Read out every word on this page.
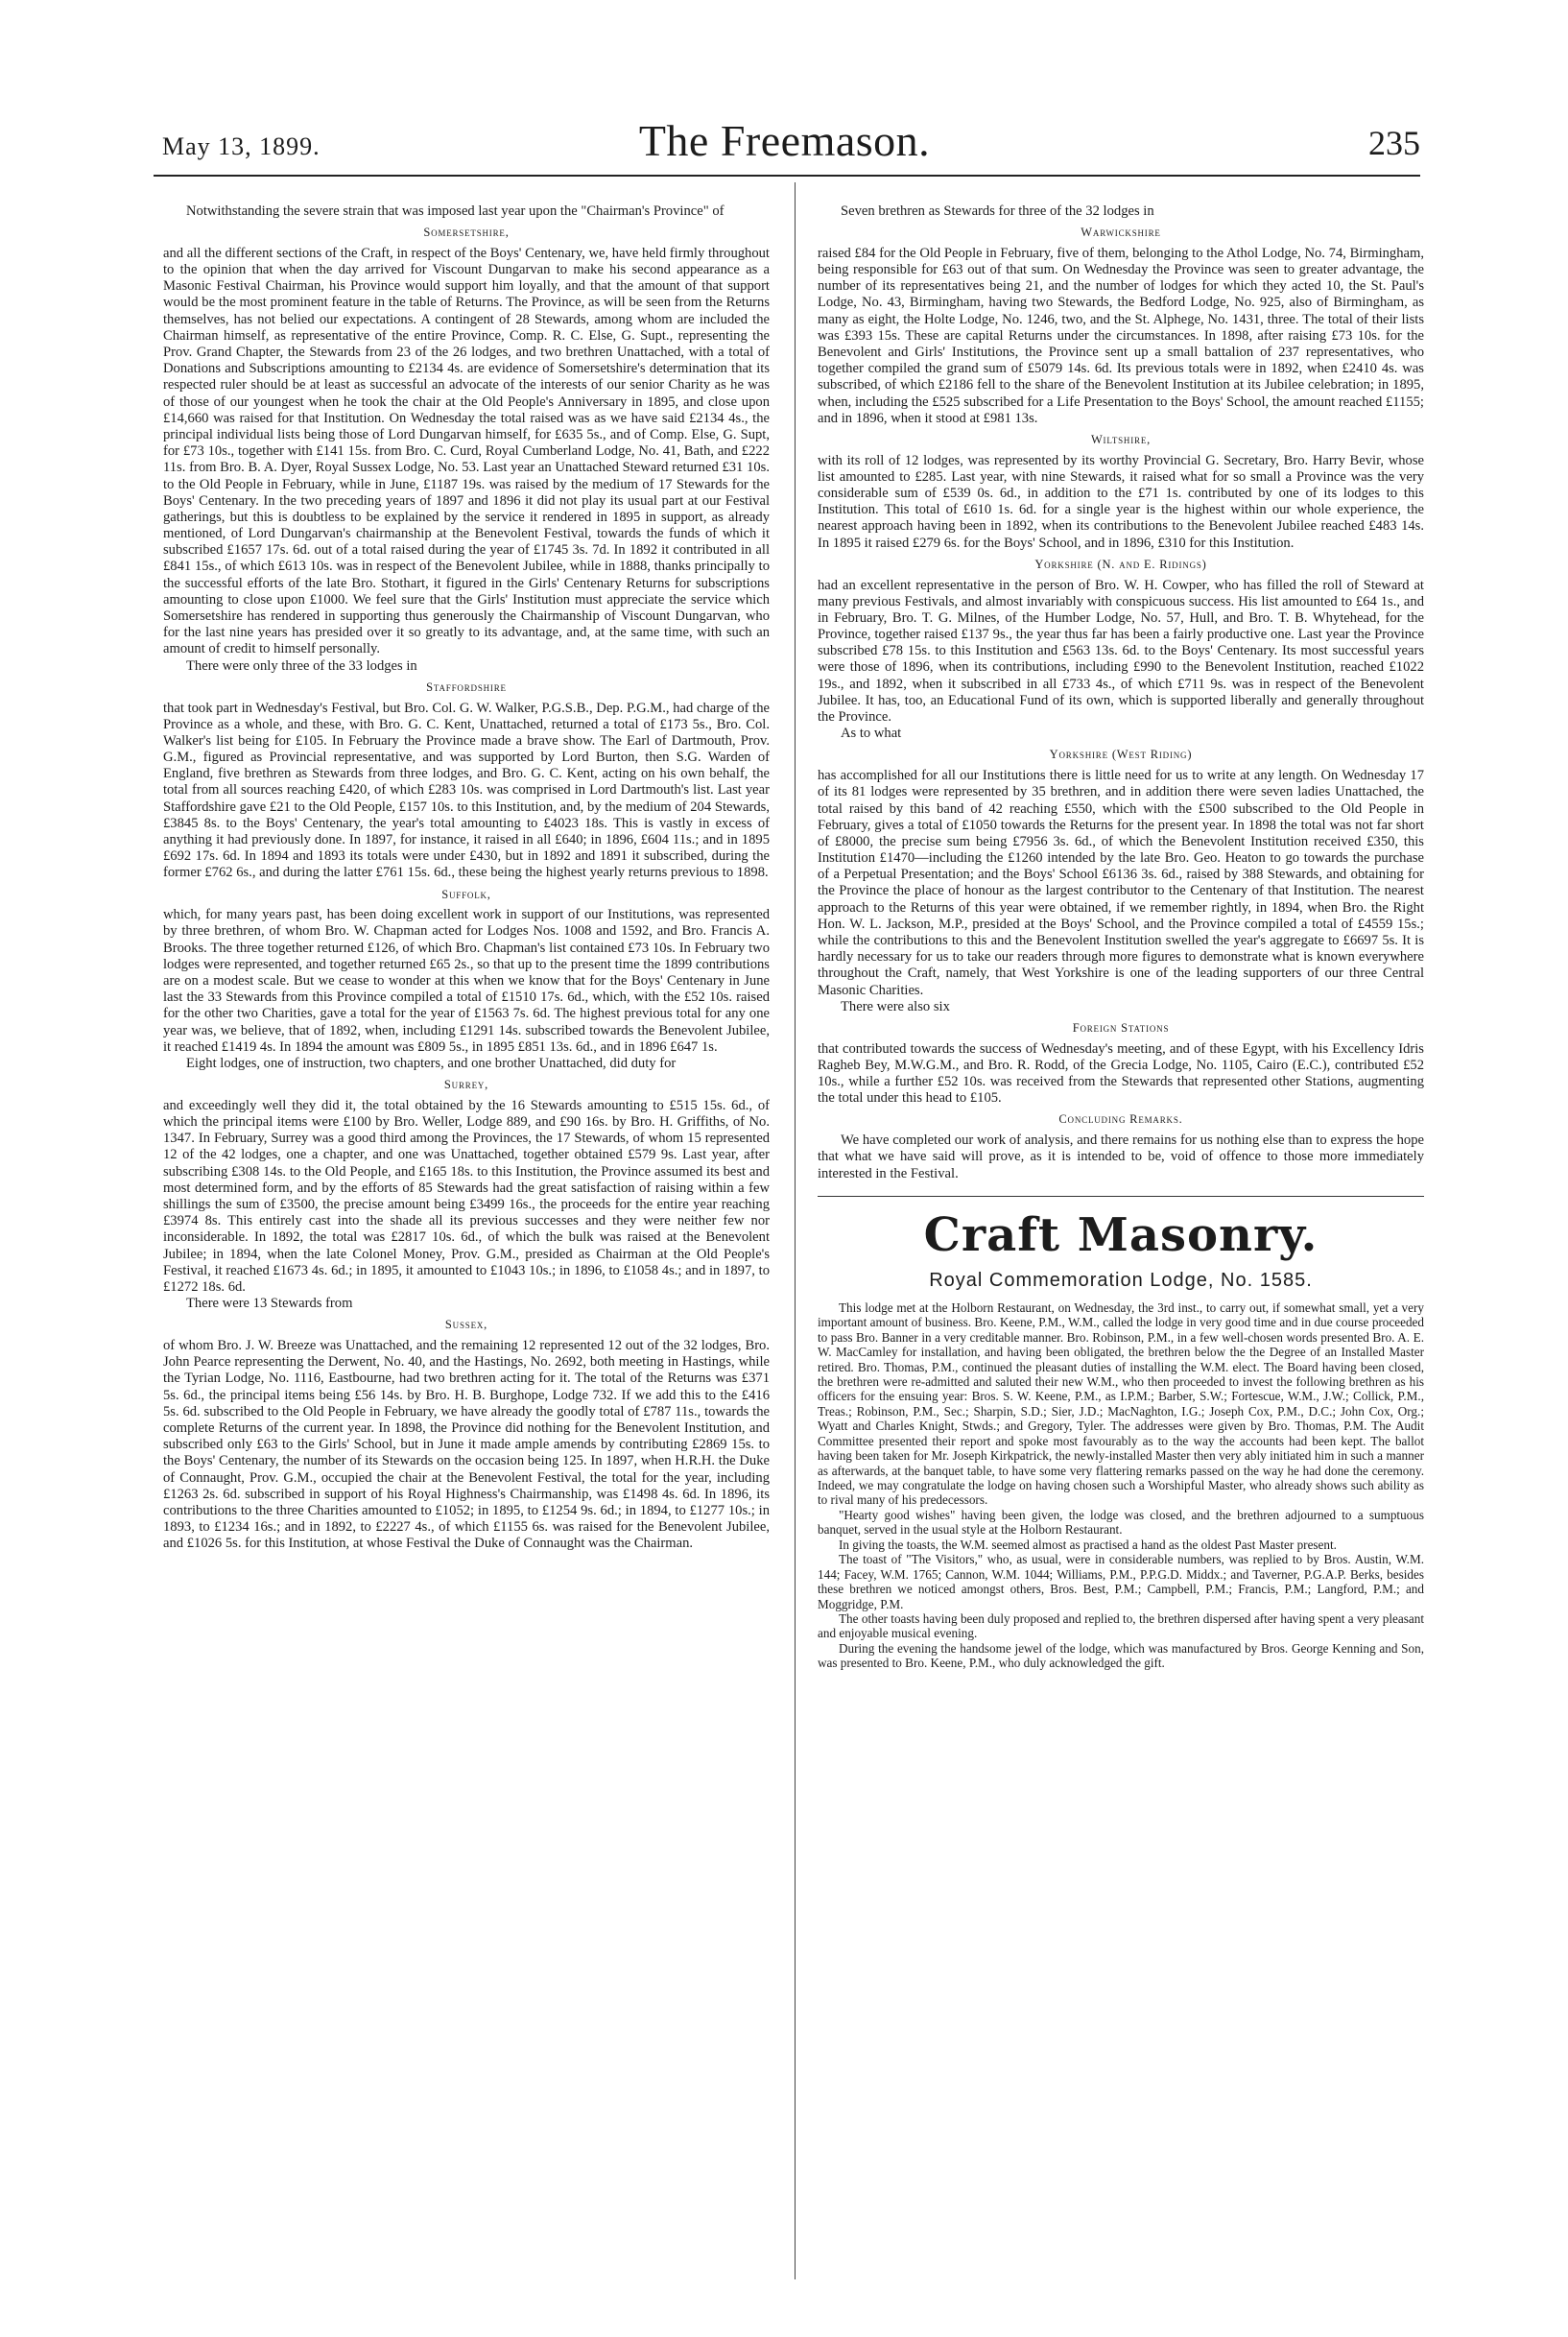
May 13, 1899.	The Freemason.	235

Notwithstanding the severe strain that was imposed last year upon the "Chairman's Province" of

Somersetshire,

and all the different sections of the Craft, in respect of the Boys' Centenary, we, have held firmly throughout to the opinion that when the day arrived for Viscount Dungarvan to make his second appearance as a Masonic Festival Chairman, his Province would support him loyally, and that the amount of that support would be the most prominent feature in the table of Returns. The Province, as will be seen from the Returns themselves, has not belied our expectations. A contingent of 28 Stewards, among whom are included the Chairman himself, as representative of the entire Province, Comp. R. C. Else, G. Supt., representing the Prov. Grand Chapter, the Stewards from 23 of the 26 lodges, and two brethren Unattached, with a total of Donations and Subscriptions amounting to £2134 4s. are evidence of Somersetshire's determination that its respected ruler should be at least as successful an advocate of the interests of our senior Charity as he was of those of our youngest when he took the chair at the Old People's Anniversary in 1895, and close upon £14,660 was raised for that Institution. On Wednesday the total raised was as we have said £2134 4s., the principal individual lists being those of Lord Dungarvan himself, for £635 5s., and of Comp. Else, G. Supt, for £73 10s., together with £141 15s. from Bro. C. Curd, Royal Cumberland Lodge, No. 41, Bath, and £222 11s. from Bro. B. A. Dyer, Royal Sussex Lodge, No. 53. Last year an Unattached Steward returned £31 10s. to the Old People in February, while in June, £1187 19s. was raised by the medium of 17 Stewards for the Boys' Centenary. In the two preceding years of 1897 and 1896 it did not play its usual part at our Festival gatherings, but this is doubtless to be explained by the service it rendered in 1895 in support, as already mentioned, of Lord Dungarvan's chairmanship at the Benevolent Festival, towards the funds of which it subscribed £1657 17s. 6d. out of a total raised during the year of £1745 3s. 7d. In 1892 it contributed in all £841 15s., of which £613 10s. was in respect of the Benevolent Jubilee, while in 1888, thanks principally to the successful efforts of the late Bro. Stothart, it figured in the Girls' Centenary Returns for subscriptions amounting to close upon £1000. We feel sure that the Girls' Institution must appreciate the service which Somersetshire has rendered in supporting thus generously the Chairmanship of Viscount Dungarvan, who for the last nine years has presided over it so greatly to its advantage, and, at the same time, with such an amount of credit to himself personally.

There were only three of the 33 lodges in

Staffordshire

that took part in Wednesday's Festival, but Bro. Col. G. W. Walker, P.G.S.B., Dep. P.G.M., had charge of the Province as a whole, and these, with Bro. G. C. Kent, Unattached, returned a total of £173 5s., Bro. Col. Walker's list being for £105. In February the Province made a brave show. The Earl of Dartmouth, Prov. G.M., figured as Provincial representative, and was supported by Lord Burton, then S.G. Warden of England, five brethren as Stewards from three lodges, and Bro. G. C. Kent, acting on his own behalf, the total from all sources reaching £420, of which £283 10s. was comprised in Lord Dartmouth's list. Last year Staffordshire gave £21 to the Old People, £157 10s. to this Institution, and, by the medium of 204 Stewards, £3845 8s. to the Boys' Centenary, the year's total amounting to £4023 18s. This is vastly in excess of anything it had previously done. In 1897, for instance, it raised in all £640; in 1896, £604 11s.; and in 1895 £692 17s. 6d. In 1894 and 1893 its totals were under £430, but in 1892 and 1891 it subscribed, during the former £762 6s., and during the latter £761 15s. 6d., these being the highest yearly returns previous to 1898.

Suffolk,

which, for many years past, has been doing excellent work in support of our Institutions, was represented by three brethren, of whom Bro. W. Chapman acted for Lodges Nos. 1008 and 1592, and Bro. Francis A. Brooks. The three together returned £126, of which Bro. Chapman's list contained £73 10s. In February two lodges were represented, and together returned £65 2s., so that up to the present time the 1899 contributions are on a modest scale. But we cease to wonder at this when we know that for the Boys' Centenary in June last the 33 Stewards from this Province compiled a total of £1510 17s. 6d., which, with the £52 10s. raised for the other two Charities, gave a total for the year of £1563 7s. 6d. The highest previous total for any one year was, we believe, that of 1892, when, including £1291 14s. subscribed towards the Benevolent Jubilee, it reached £1419 4s. In 1894 the amount was £809 5s., in 1895 £851 13s. 6d., and in 1896 £647 1s.

Eight lodges, one of instruction, two chapters, and one brother Unattached, did duty for

Surrey,

and exceedingly well they did it, the total obtained by the 16 Stewards amounting to £515 15s. 6d., of which the principal items were £100 by Bro. Weller, Lodge 889, and £90 16s. by Bro. H. Griffiths, of No. 1347. In February, Surrey was a good third among the Provinces, the 17 Stewards, of whom 15 represented 12 of the 42 lodges, one a chapter, and one was Unattached, together obtained £579 9s. Last year, after subscribing £308 14s. to the Old People, and £165 18s. to this Institution, the Province assumed its best and most determined form, and by the efforts of 85 Stewards had the great satisfaction of raising within a few shillings the sum of £3500, the precise amount being £3499 16s., the proceeds for the entire year reaching £3974 8s. This entirely cast into the shade all its previous successes and they were neither few nor inconsiderable. In 1892, the total was £2817 10s. 6d., of which the bulk was raised at the Benevolent Jubilee; in 1894, when the late Colonel Money, Prov. G.M., presided as Chairman at the Old People's Festival, it reached £1673 4s. 6d.; in 1895, it amounted to £1043 10s.; in 1896, to £1058 4s.; and in 1897, to £1272 18s. 6d.

There were 13 Stewards from

Sussex,

of whom Bro. J. W. Breeze was Unattached, and the remaining 12 represented 12 out of the 32 lodges, Bro. John Pearce representing the Derwent, No. 40, and the Hastings, No. 2692, both meeting in Hastings, while the Tyrian Lodge, No. 1116, Eastbourne, had two brethren acting for it. The total of the Returns was £371 5s. 6d., the principal items being £56 14s. by Bro. H. B. Burghope, Lodge 732. If we add this to the £416 5s. 6d. subscribed to the Old People in February, we have already the goodly total of £787 11s., towards the complete Returns of the current year. In 1898, the Province did nothing for the Benevolent Institution, and subscribed only £63 to the Girls' School, but in June it made ample amends by contributing £2869 15s. to the Boys' Centenary, the number of its Stewards on the occasion being 125. In 1897, when H.R.H. the Duke of Connaught, Prov. G.M., occupied the chair at the Benevolent Festival, the total for the year, including £1263 2s. 6d. subscribed in support of his Royal Highness's Chairmanship, was £1498 4s. 6d. In 1896, its contributions to the three Charities amounted to £1052; in 1895, to £1254 9s. 6d.; in 1894, to £1277 10s.; in 1893, to £1234 16s.; and in 1892, to £2227 4s., of which £1155 6s. was raised for the Benevolent Jubilee, and £1026 5s. for this Institution, at whose Festival the Duke of Connaught was the Chairman.

Seven brethren as Stewards for three of the 32 lodges in

Warwickshire

raised £84 for the Old People in February, five of them, belonging to the Athol Lodge, No. 74, Birmingham, being responsible for £63 out of that sum. On Wednesday the Province was seen to greater advantage, the number of its representatives being 21, and the number of lodges for which they acted 10, the St. Paul's Lodge, No. 43, Birmingham, having two Stewards, the Bedford Lodge, No. 925, also of Birmingham, as many as eight, the Holte Lodge, No. 1246, two, and the St. Alphege, No. 1431, three. The total of their lists was £393 15s. These are capital Returns under the circumstances. In 1898, after raising £73 10s. for the Benevolent and Girls' Institutions, the Province sent up a small battalion of 237 representatives, who together compiled the grand sum of £5079 14s. 6d. Its previous totals were in 1892, when £2410 4s. was subscribed, of which £2186 fell to the share of the Benevolent Institution at its Jubilee celebration; in 1895, when, including the £525 subscribed for a Life Presentation to the Boys' School, the amount reached £1155; and in 1896, when it stood at £981 13s.

Wiltshire,

with its roll of 12 lodges, was represented by its worthy Provincial G. Secretary, Bro. Harry Bevir, whose list amounted to £285. Last year, with nine Stewards, it raised what for so small a Province was the very considerable sum of £539 0s. 6d., in addition to the £71 1s. contributed by one of its lodges to this Institution. This total of £610 1s. 6d. for a single year is the highest within our whole experience, the nearest approach having been in 1892, when its contributions to the Benevolent Jubilee reached £483 14s. In 1895 it raised £279 6s. for the Boys' School, and in 1896, £310 for this Institution.

Yorkshire (N. and E. Ridings)

had an excellent representative in the person of Bro. W. H. Cowper, who has filled the roll of Steward at many previous Festivals, and almost invariably with conspicuous success. His list amounted to £64 1s., and in February, Bro. T. G. Milnes, of the Humber Lodge, No. 57, Hull, and Bro. T. B. Whytehead, for the Province, together raised £137 9s., the year thus far has been a fairly productive one. Last year the Province subscribed £78 15s. to this Institution and £563 13s. 6d. to the Boys' Centenary. Its most successful years were those of 1896, when its contributions, including £990 to the Benevolent Institution, reached £1022 19s., and 1892, when it subscribed in all £733 4s., of which £711 9s. was in respect of the Benevolent Jubilee. It has, too, an Educational Fund of its own, which is supported liberally and generally throughout the Province.

As to what

Yorkshire (West Riding)

has accomplished for all our Institutions there is little need for us to write at any length. On Wednesday 17 of its 81 lodges were represented by 35 brethren, and in addition there were seven ladies Unattached, the total raised by this band of 42 reaching £550, which with the £500 subscribed to the Old People in February, gives a total of £1050 towards the Returns for the present year. In 1898 the total was not far short of £8000, the precise sum being £7956 3s. 6d., of which the Benevolent Institution received £350, this Institution £1470—including the £1260 intended by the late Bro. Geo. Heaton to go towards the purchase of a Perpetual Presentation; and the Boys' School £6136 3s. 6d., raised by 388 Stewards, and obtaining for the Province the place of honour as the largest contributor to the Centenary of that Institution. The nearest approach to the Returns of this year were obtained, if we remember rightly, in 1894, when Bro. the Right Hon. W. L. Jackson, M.P., presided at the Boys' School, and the Province compiled a total of £4559 15s.; while the contributions to this and the Benevolent Institution swelled the year's aggregate to £6697 5s. It is hardly necessary for us to take our readers through more figures to demonstrate what is known everywhere throughout the Craft, namely, that West Yorkshire is one of the leading supporters of our three Central Masonic Charities.

There were also six

Foreign Stations

that contributed towards the success of Wednesday's meeting, and of these Egypt, with his Excellency Idris Ragheb Bey, M.W.G.M., and Bro. R. Rodd, of the Grecia Lodge, No. 1105, Cairo (E.C.), contributed £52 10s., while a further £52 10s. was received from the Stewards that represented other Stations, augmenting the total under this head to £105.

Concluding Remarks.

We have completed our work of analysis, and there remains for us nothing else than to express the hope that what we have said will prove, as it is intended to be, void of offence to those more immediately interested in the Festival.

Craft Masonry.
Royal Commemoration Lodge, No. 1585.

This lodge met at the Holborn Restaurant, on Wednesday, the 3rd inst., to carry out, if somewhat small, yet a very important amount of business. Bro. Keene, P.M., W.M., called the lodge in very good time and in due course proceeded to pass Bro. Banner in a very creditable manner. Bro. Robinson, P.M., in a few well-chosen words presented Bro. A. E. W. MacCamley for installation, and having been obligated, the brethren below the the Degree of an Installed Master retired. Bro. Thomas, P.M., continued the pleasant duties of installing the W.M. elect. The Board having been closed, the brethren were re-admitted and saluted their new W.M., who then proceeded to invest the following brethren as his officers for the ensuing year: Bros. S. W. Keene, P.M., as I.P.M.; Barber, S.W.; Fortescue, W.M., J.W.; Collick, P.M., Treas.; Robinson, P.M., Sec.; Sharpin, S.D.; Sier, J.D.; MacNaghton, I.G.; Joseph Cox, P.M., D.C.; John Cox, Org.; Wyatt and Charles Knight, Stwds.; and Gregory, Tyler. The addresses were given by Bro. Thomas, P.M. The Audit Committee presented their report and spoke most favourably as to the way the accounts had been kept. The ballot having been taken for Mr. Joseph Kirkpatrick, the newly-installed Master then very ably initiated him in such a manner as afterwards, at the banquet table, to have some very flattering remarks passed on the way he had done the ceremony. Indeed, we may congratulate the lodge on having chosen such a Worshipful Master, who already shows such ability as to rival many of his predecessors.

"Hearty good wishes" having been given, the lodge was closed, and the brethren adjourned to a sumptuous banquet, served in the usual style at the Holborn Restaurant.

In giving the toasts, the W.M. seemed almost as practised a hand as the oldest Past Master present.

The toast of "The Visitors," who, as usual, were in considerable numbers, was replied to by Bros. Austin, W.M. 144; Facey, W.M. 1765; Cannon, W.M. 1044; Williams, P.M., P.P.G.D. Middx.; and Taverner, P.G.A.P. Berks, besides these brethren we noticed amongst others, Bros. Best, P.M.; Campbell, P.M.; Francis, P.M.; Langford, P.M.; and Moggridge, P.M.

The other toasts having been duly proposed and replied to, the brethren dispersed after having spent a very pleasant and enjoyable musical evening.

During the evening the handsome jewel of the lodge, which was manufactured by Bros. George Kenning and Son, was presented to Bro. Keene, P.M., who duly acknowledged the gift.
